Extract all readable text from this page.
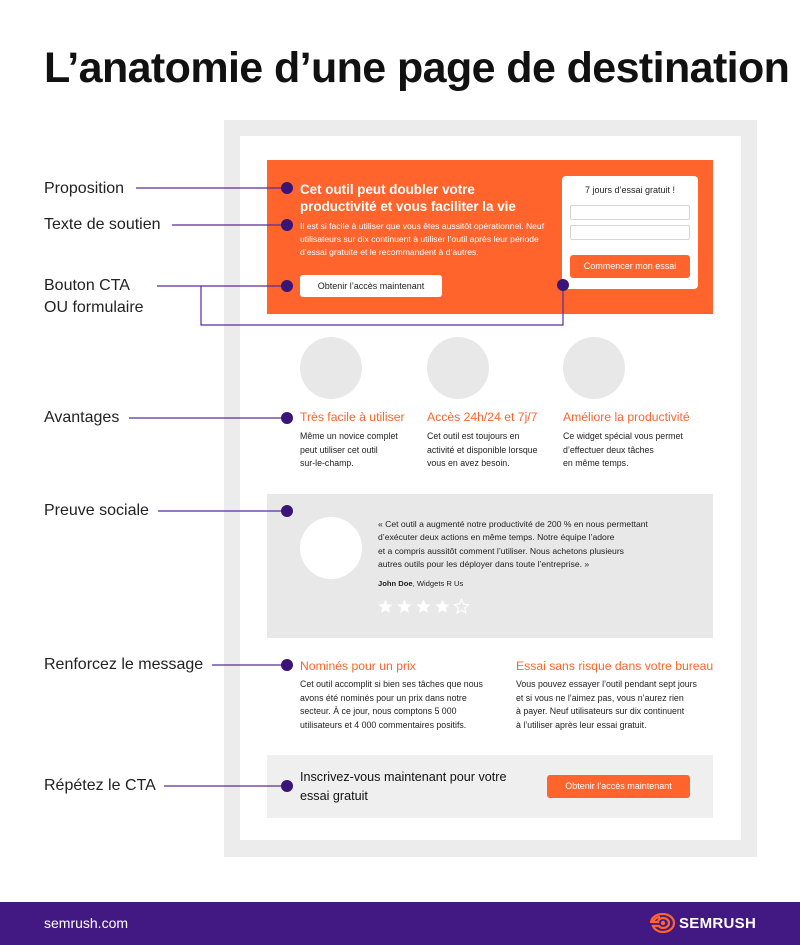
L’anatomie d’une page de destination
Cet outil peut doubler votre productivité et vous faciliter la vie
Il est si facile à utiliser que vous êtes aussitôt opérationnel. Neuf utilisateurs sur dix continuent à utiliser l’outil après leur période d’essai gratuite et le recommandent à d’autres.
Obtenir l’accès maintenant
7 jours d’essai gratuit !
Commencer mon essai
Très facile à utiliser
Même un novice complet
peut utiliser cet outil
sur-le-champ.
Accès 24h/24 et 7j/7
Cet outil est toujours en
activité et disponible lorsque
vous en avez besoin.
Améliore la productivité
Ce widget spécial vous permet
d’effectuer deux tâches
en même temps.
« Cet outil a augmenté notre productivité de 200 % en nous permettant
d’exécuter deux actions en même temps. Notre équipe l’adore
et a compris aussitôt comment l’utiliser. Nous achetons plusieurs
autres outils pour les déployer dans toute l’entreprise. »
John Doe, Widgets R Us
Nominés pour un prix
Cet outil accomplit si bien ses tâches que nous
avons été nominés pour un prix dans notre
secteur. À ce jour, nous comptons 5 000
utilisateurs et 4 000 commentaires positifs.
Essai sans risque dans votre bureau
Vous pouvez essayer l’outil pendant sept jours
et si vous ne l’aimez pas, vous n’aurez rien
à payer. Neuf utilisateurs sur dix continuent
à l’utiliser après leur essai gratuit.
Inscrivez-vous maintenant pour votre essai gratuit
Obtenir l’accès maintenant
Proposition
Texte de soutien
Bouton CTA
OU formulaire
Avantages
Preuve sociale
Renforcez le message
Répétez le CTA
semrush.com	SEMRUSH
